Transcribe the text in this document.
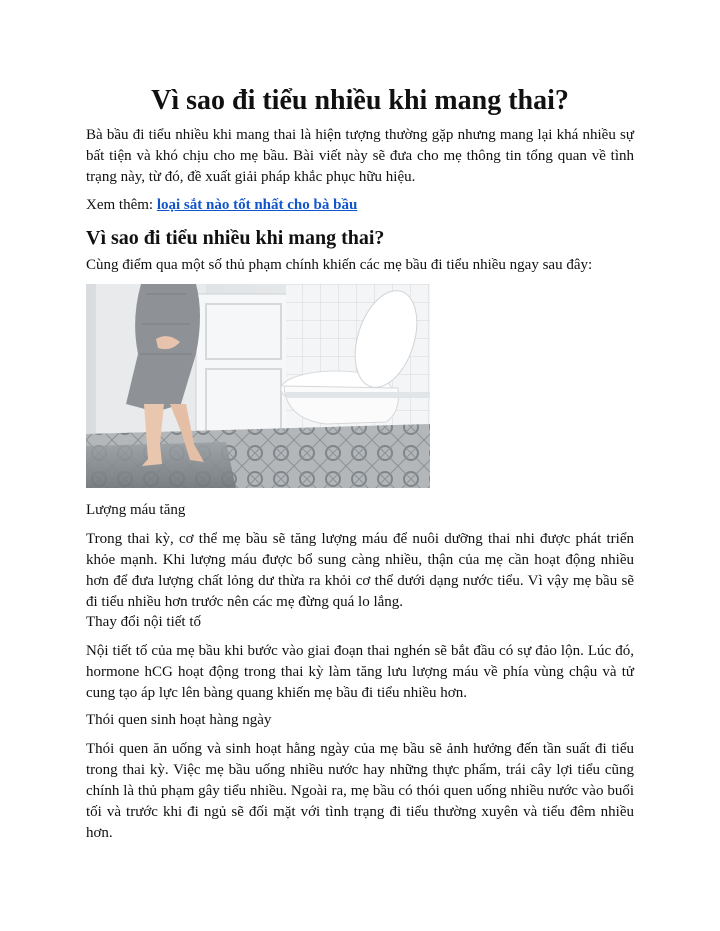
Vì sao đi tiểu nhiều khi mang thai?

Bà bầu đi tiểu nhiều khi mang thai là hiện tượng thường gặp nhưng mang lại khá nhiều sự bất tiện và khó chịu cho mẹ bầu. Bài viết này sẽ đưa cho mẹ thông tin tổng quan về tình trạng này, từ đó, đề xuất giải pháp khắc phục hữu hiệu.

Xem thêm: loại sắt nào tốt nhất cho bà bầu

Vì sao đi tiểu nhiều khi mang thai?

Cùng điểm qua một số thủ phạm chính khiến các mẹ bầu đi tiểu nhiều ngay sau đây:

Lượng máu tăng

Trong thai kỳ, cơ thể mẹ bầu sẽ tăng lượng máu để nuôi dưỡng thai nhi được phát triển khỏe mạnh. Khi lượng máu được bổ sung càng nhiều, thận của mẹ cần hoạt động nhiều hơn để đưa lượng chất lỏng dư thừa ra khỏi cơ thể dưới dạng nước tiểu. Vì vậy mẹ bầu sẽ đi tiểu nhiều hơn trước nên các mẹ đừng quá lo lắng.

Thay đổi nội tiết tố

Nội tiết tố của mẹ bầu khi bước vào giai đoạn thai nghén sẽ bắt đầu có sự đảo lộn. Lúc đó, hormone hCG hoạt động trong thai kỳ làm tăng lưu lượng máu về phía vùng chậu và tử cung tạo áp lực lên bàng quang khiến mẹ bầu đi tiểu nhiều hơn.

Thói quen sinh hoạt hàng ngày

Thói quen ăn uống và sinh hoạt hằng ngày của mẹ bầu sẽ ảnh hưởng đến tần suất đi tiểu trong thai kỳ. Việc mẹ bầu uống nhiều nước hay những thực phẩm, trái cây lợi tiểu cũng chính là thủ phạm gây tiểu nhiều. Ngoài ra, mẹ bầu có thói quen uống nhiều nước vào buổi tối và trước khi đi ngủ sẽ đối mặt với tình trạng đi tiểu thường xuyên và tiểu đêm nhiều hơn.
